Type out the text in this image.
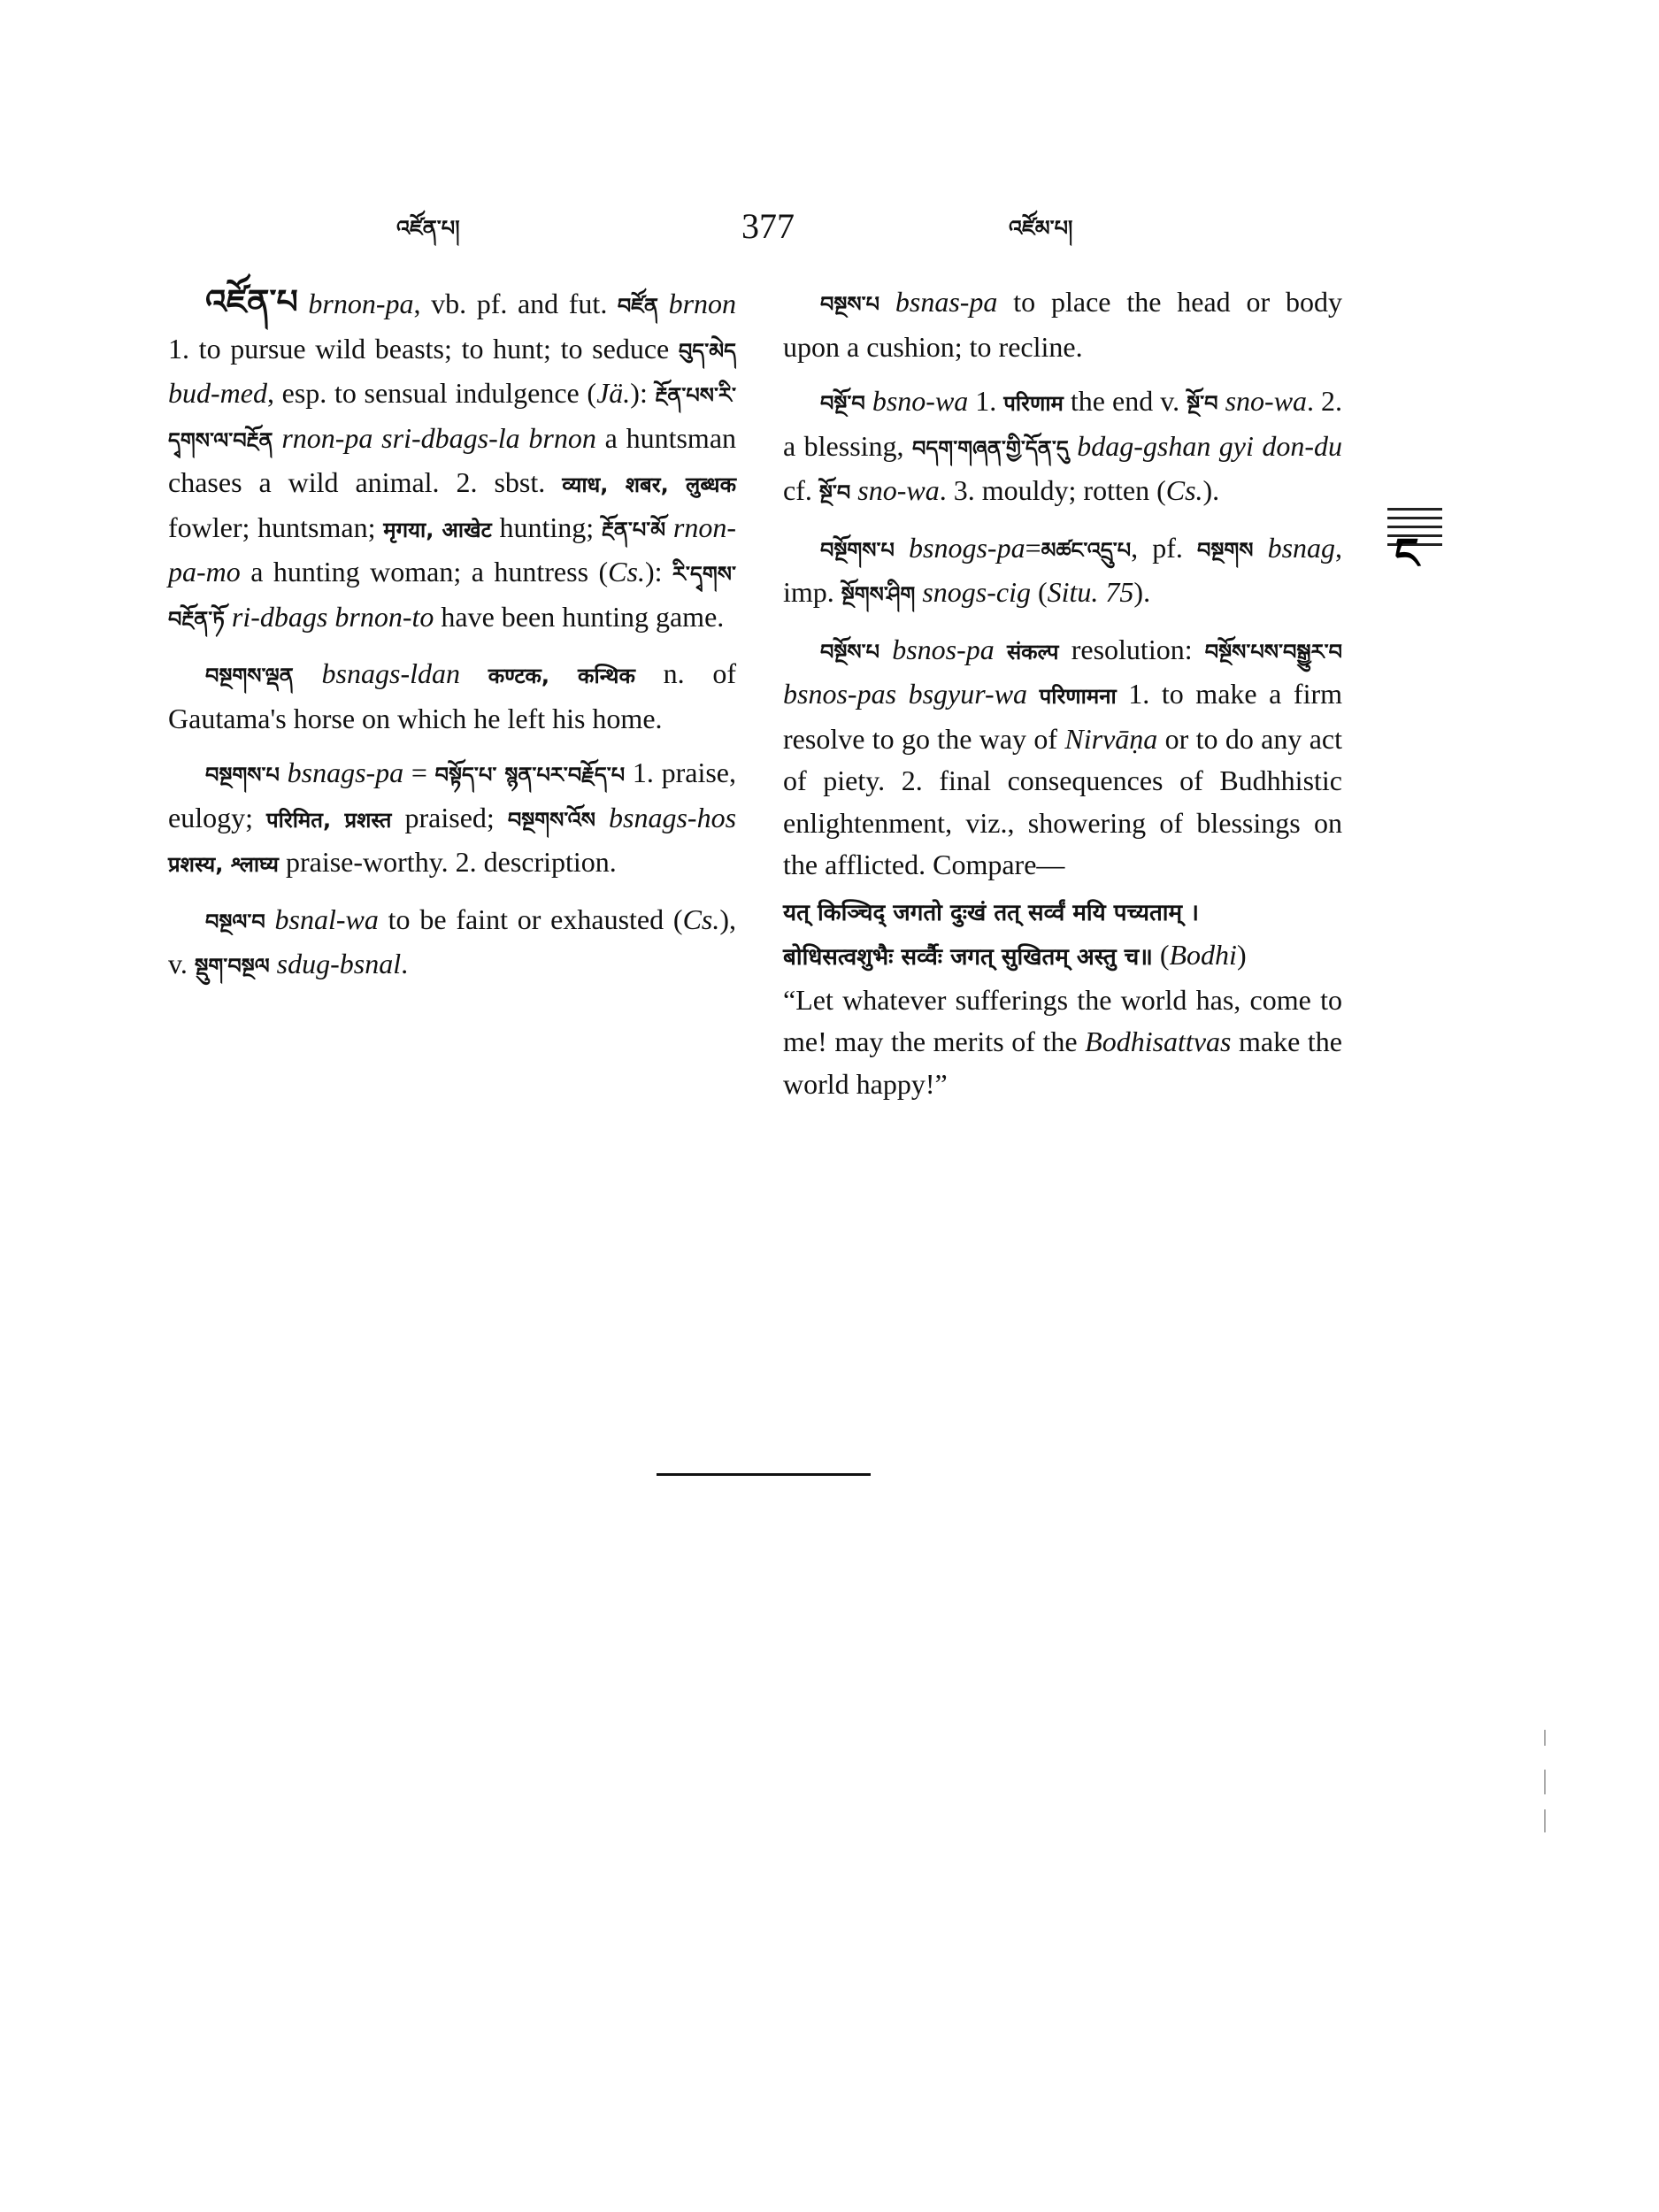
འཛོན་པ།	377	འཛོམ་པ།

འཛོན་པ brnon-pa, vb. pf. and fut. བཛོན brnon 1. to pursue wild beasts; to hunt; to seduce བུད་མེད bud-med, esp. to sensual indulgence (Jä.): རྔོན་པས་རི་དྭགས་ལ་བརྔོན rnon-pa sri-dbags-la brnon a huntsman chases a wild animal. 2. sbst. व्याध, शबर, लुब्धक fowler; huntsman; मृगया, आखेट hunting; རྔོན་པ་མོ rnon-pa-mo a hunting woman; a huntress (Cs.): རི་དྭགས་བརྔོན་ཏོ ri-dbags brnon-to have been hunting game.

བསྔགས་ལྡན bsnags-ldan कण्टक, कन्थिक n. of Gautama's horse on which he left his home.

བསྔགས་པ bsnags-pa = བསྟོད་པ་ སྙན་པར་བརྗོད་པ 1. praise, eulogy; परिमित, प्रशस्त praised; བསྔགས་འོས bsnags-hos प्रशस्य, श्लाघ्य praise-worthy. 2. description.

བསྔལ་བ bsnal-wa to be faint or exhausted (Cs.), v. སྡུག་བསྔལ sdug-bsnal.

བསྔས་པ bsnas-pa to place the head or body upon a cushion; to recline.

བསྔོ་བ bsno-wa 1. परिणाम the end v. སྔོ་བ sno-wa. 2. a blessing, བདག་གཞན་གྱི་དོན་དུ bdag-gshan gyi don-du cf. སྔོ་བ sno-wa. 3. mouldy; rotten (Cs.).

བསྔོགས་པ bsnogs-pa=མཚང་འདྲུ་པ, pf. བསྔགས bsnag, imp. སྔོགས་ཤིག snogs-cig (Situ. 75).

བསྔོས་པ bsnos-pa संकल्प resolution: བསྔོས་པས་བསྒྱུར་བ bsnos-pas bsgyur-wa परिणामना 1. to make a firm resolve to go the way of Nirvāṇa or to do any act of piety. 2. final consequences of Budhhistic enlightenment, viz., showering of blessings on the afflicted. Compare—

यत् किञ्चिद् जगतो दुःखं तत् सर्व्वं मयि पच्यताम् ।

बोधिसत्वशुभैः सर्व्वैः जगत् सुखितम् अस्तु च॥ (Bodhi)

“Let whatever sufferings the world has, come to me! may the merits of the Bodhisattvas make the world happy!”

ང
